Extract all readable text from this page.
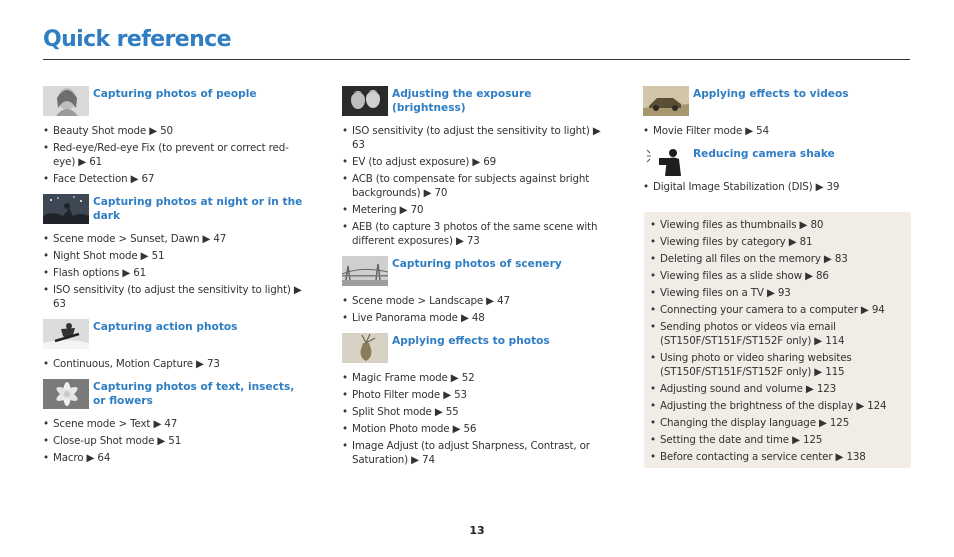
Quick reference
Capturing photos of people
• Beauty Shot mode ▶ 50
• Red-eye/Red-eye Fix (to prevent or correct red-eye) ▶ 61
• Face Detection ▶ 67
Capturing photos at night or in the dark
• Scene mode > Sunset, Dawn ▶ 47
• Night Shot mode ▶ 51
• Flash options ▶ 61
• ISO sensitivity (to adjust the sensitivity to light) ▶ 63
Capturing action photos
• Continuous, Motion Capture ▶ 73
Capturing photos of text, insects, or flowers
• Scene mode > Text ▶ 47
• Close-up Shot mode ▶ 51
• Macro ▶ 64
Adjusting the exposure (brightness)
• ISO sensitivity (to adjust the sensitivity to light) ▶ 63
• EV (to adjust exposure) ▶ 69
• ACB (to compensate for subjects against bright backgrounds) ▶ 70
• Metering ▶ 70
• AEB (to capture 3 photos of the same scene with different exposures) ▶ 73
Capturing photos of scenery
• Scene mode > Landscape ▶ 47
• Live Panorama mode ▶ 48
Applying effects to photos
• Magic Frame mode ▶ 52
• Photo Filter mode ▶ 53
• Split Shot mode ▶ 55
• Motion Photo mode ▶ 56
• Image Adjust (to adjust Sharpness, Contrast, or Saturation) ▶ 74
Applying effects to videos
• Movie Filter mode ▶ 54
Reducing camera shake
• Digital Image Stabilization (DIS) ▶ 39
• Viewing files as thumbnails ▶ 80
• Viewing files by category ▶ 81
• Deleting all files on the memory ▶ 83
• Viewing files as a slide show ▶ 86
• Viewing files on a TV ▶ 93
• Connecting your camera to a computer ▶ 94
• Sending photos or videos via email (ST150F/ST151F/ST152F only) ▶ 114
• Using photo or video sharing websites (ST150F/ST151F/ST152F only) ▶ 115
• Adjusting sound and volume ▶ 123
• Adjusting the brightness of the display ▶ 124
• Changing the display language ▶ 125
• Setting the date and time ▶ 125
• Before contacting a service center ▶ 138
13
